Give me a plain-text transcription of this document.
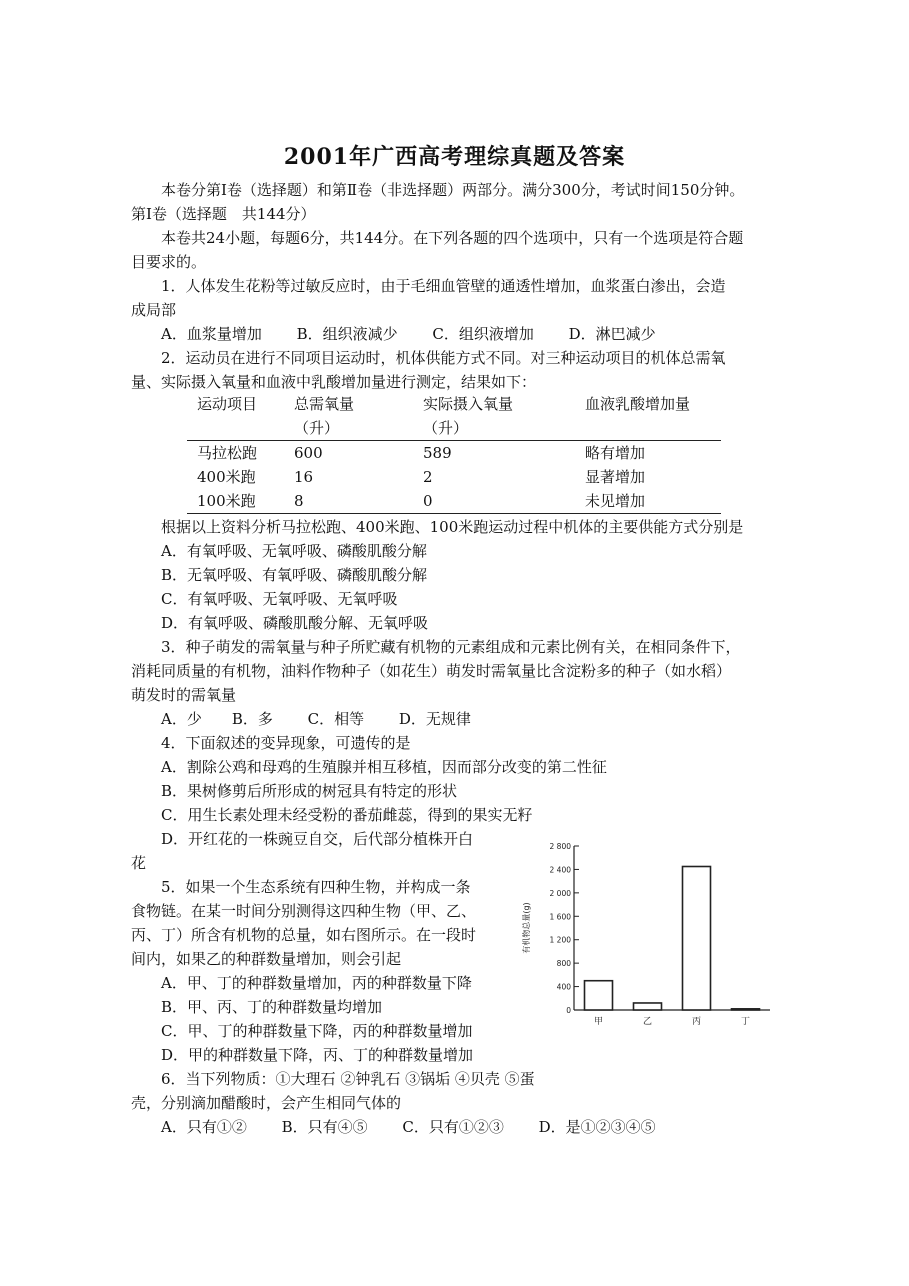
2001年广西高考理综真题及答案
本卷分第Ⅰ卷（选择题）和第Ⅱ卷（非选择题）两部分。满分300分，考试时间150分钟。
第Ⅰ卷（选择题　共144分）
本卷共24小题，每题6分，共144分。在下列各题的四个选项中，只有一个选项是符合题
目要求的。
1．人体发生花粉等过敏反应时，由于毛细血管壁的通透性增加，血浆蛋白渗出，会造
成局部
A．血浆量增加　　 B．组织液减少　　 C．组织液增加　　 D．淋巴减少
2．运动员在进行不同项目运动时，机体供能方式不同。对三种运动项目的机体总需氧
量、实际摄入氧量和血液中乳酸增加量进行测定，结果如下：
运动项目	总需氧量	实际摄入氧量	血液乳酸增加量
	（升）	（升）	
马拉松跑	600	589	略有增加
400米跑	16	2	显著增加
100米跑	8	0	未见增加
根据以上资料分析马拉松跑、400米跑、100米跑运动过程中机体的主要供能方式分别是
A．有氧呼吸、无氧呼吸、磷酸肌酸分解
B．无氧呼吸、有氧呼吸、磷酸肌酸分解
C．有氧呼吸、无氧呼吸、无氧呼吸
D．有氧呼吸、磷酸肌酸分解、无氧呼吸
3．种子萌发的需氧量与种子所贮藏有机物的元素组成和元素比例有关，在相同条件下，
消耗同质量的有机物，油料作物种子（如花生）萌发时需氧量比含淀粉多的种子（如水稻）
萌发时的需氧量
A．少　　B．多　　 C．相等　　 D．无规律
4．下面叙述的变异现象，可遗传的是
A．割除公鸡和母鸡的生殖腺并相互移植，因而部分改变的第二性征
B．果树修剪后所形成的树冠具有特定的形状
C．用生长素处理未经受粉的番茄雌蕊，得到的果实无籽
D．开红花的一株豌豆自交，后代部分植株开白
花
5．如果一个生态系统有四种生物，并构成一条
食物链。在某一时间分别测得这四种生物（甲、乙、
丙、丁）所含有机物的总量，如右图所示。在一段时
间内，如果乙的种群数量增加，则会引起
A．甲、丁的种群数量增加，丙的种群数量下降
B．甲、丙、丁的种群数量均增加
C．甲、丁的种群数量下降，丙的种群数量增加
D．甲的种群数量下降，丙、丁的种群数量增加
6．当下列物质：①大理石 ②钟乳石 ③锅垢 ④贝壳 ⑤蛋
壳，分别滴加醋酸时，会产生相同气体的
A．只有①②　　 B．只有④⑤　　 C．只有①②③　　 D．是①②③④⑤
0
400
800
1 200
1 600
2 000
2 400
2 800
有机物总量(g)
甲	乙	丙	丁
